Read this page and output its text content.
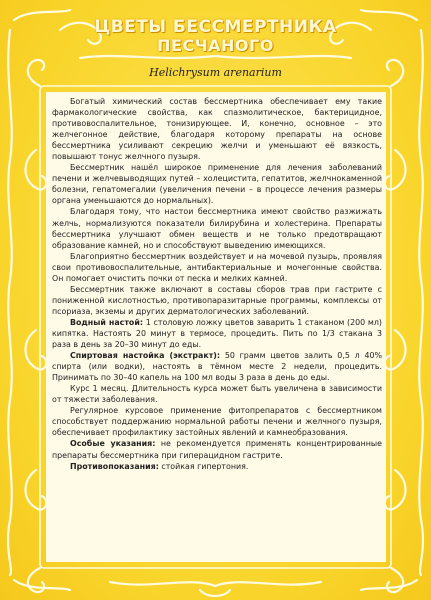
ЦВЕТЫ БЕССМЕРТНИКА
ПЕСЧАНОГО
Helichrysum arenarium

Богатый химический состав бессмертника обеспечивает ему такие фармакологические свойства, как спазмолитическое, бактерицидное, противовоспалительное, тонизирующее. И, конечно, основное – это желчегонное действие, благодаря которому препараты на основе бессмертника усиливают секрецию желчи и уменьшают её вязкость, повышают тонус желчного пузыря.

Бессмертник нашёл широкое применение для лечения заболеваний печени и желчевыводящих путей – холецистита, гепатитов, желчнокаменной болезни, гепатомегалии (увеличения печени – в процессе лечения размеры органа уменьшаются до нормальных).

Благодаря тому, что настои бессмертника имеют свойство разжижать желчь, нормализуются показатели билирубина и холестерина. Препараты бессмертника улучшают обмен веществ и не только предотвращают образование камней, но и способствуют выведению имеющихся.

Благоприятно бессмертник воздействует и на мочевой пузырь, проявляя свои противовоспалительные, антибактериальные и мочегонные свойства. Он помогает очистить почки от песка и мелких камней.

Бессмертник также включают в составы сборов трав при гастрите с пониженной кислотностью, противопаразитарные программы, комплексы от псориаза, экземы и других дерматологических заболеваний.

Водный настой: 1 столовую ложку цветов заварить 1 стаканом (200 мл) кипятка. Настоять 20 минут в термосе, процедить. Пить по 1/3 стакана 3 раза в день за 20–30 минут до еды.

Спиртовая настойка (экстракт): 50 грамм цветов залить 0,5 л 40% спирта (или водки), настоять в тёмном месте 2 недели, процедить. Принимать по 30–40 капель на 100 мл воды 3 раза в день до еды.

Курс 1 месяц. Длительность курса может быть увеличена в зависимости от тяжести заболевания.

Регулярное курсовое применение фитопрепаратов с бессмертником способствует поддержанию нормальной работы печени и желчного пузыря, обеспечивает профилактику застойных явлений и камнеобразования.

Особые указания: не рекомендуется применять концентрированные препараты бессмертника при гиперацидном гастрите.

Противопоказания: стойкая гипертония.
